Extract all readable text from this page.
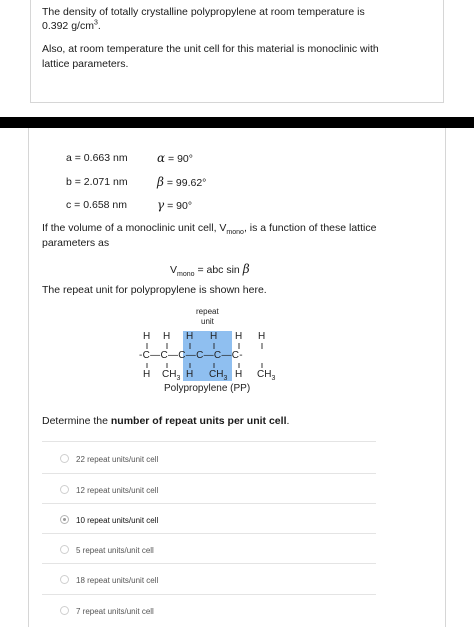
The density of totally crystalline polypropylene at room temperature is

0.392 $g/cm^3$.

Also, at room temperature the unit cell for this material is monoclinic with

lattice parameters.

a = 0.663 nm
b = 2.071 nm
c = 0.658 nm
α = 90°
β = 99.62°
γ = 90°

If the volume of a monoclinic unit cell, $V_{mono}$, is a function of these lattice

parameters as

$V_{mono}$ = abc sin β

The repeat unit for polypropylene is shown here.

repeat
unit
H H H H H H
-C—C—C—C—C—C-
H $CH_3$ H $CH_3$ H $CH_3$
Polypropylene (PP)

Determine the number of repeat units per unit cell.

22 repeat units/unit cell
12 repeat units/unit cell
10 repeat units/unit cell
5 repeat units/unit cell
18 repeat units/unit cell
7 repeat units/unit cell
